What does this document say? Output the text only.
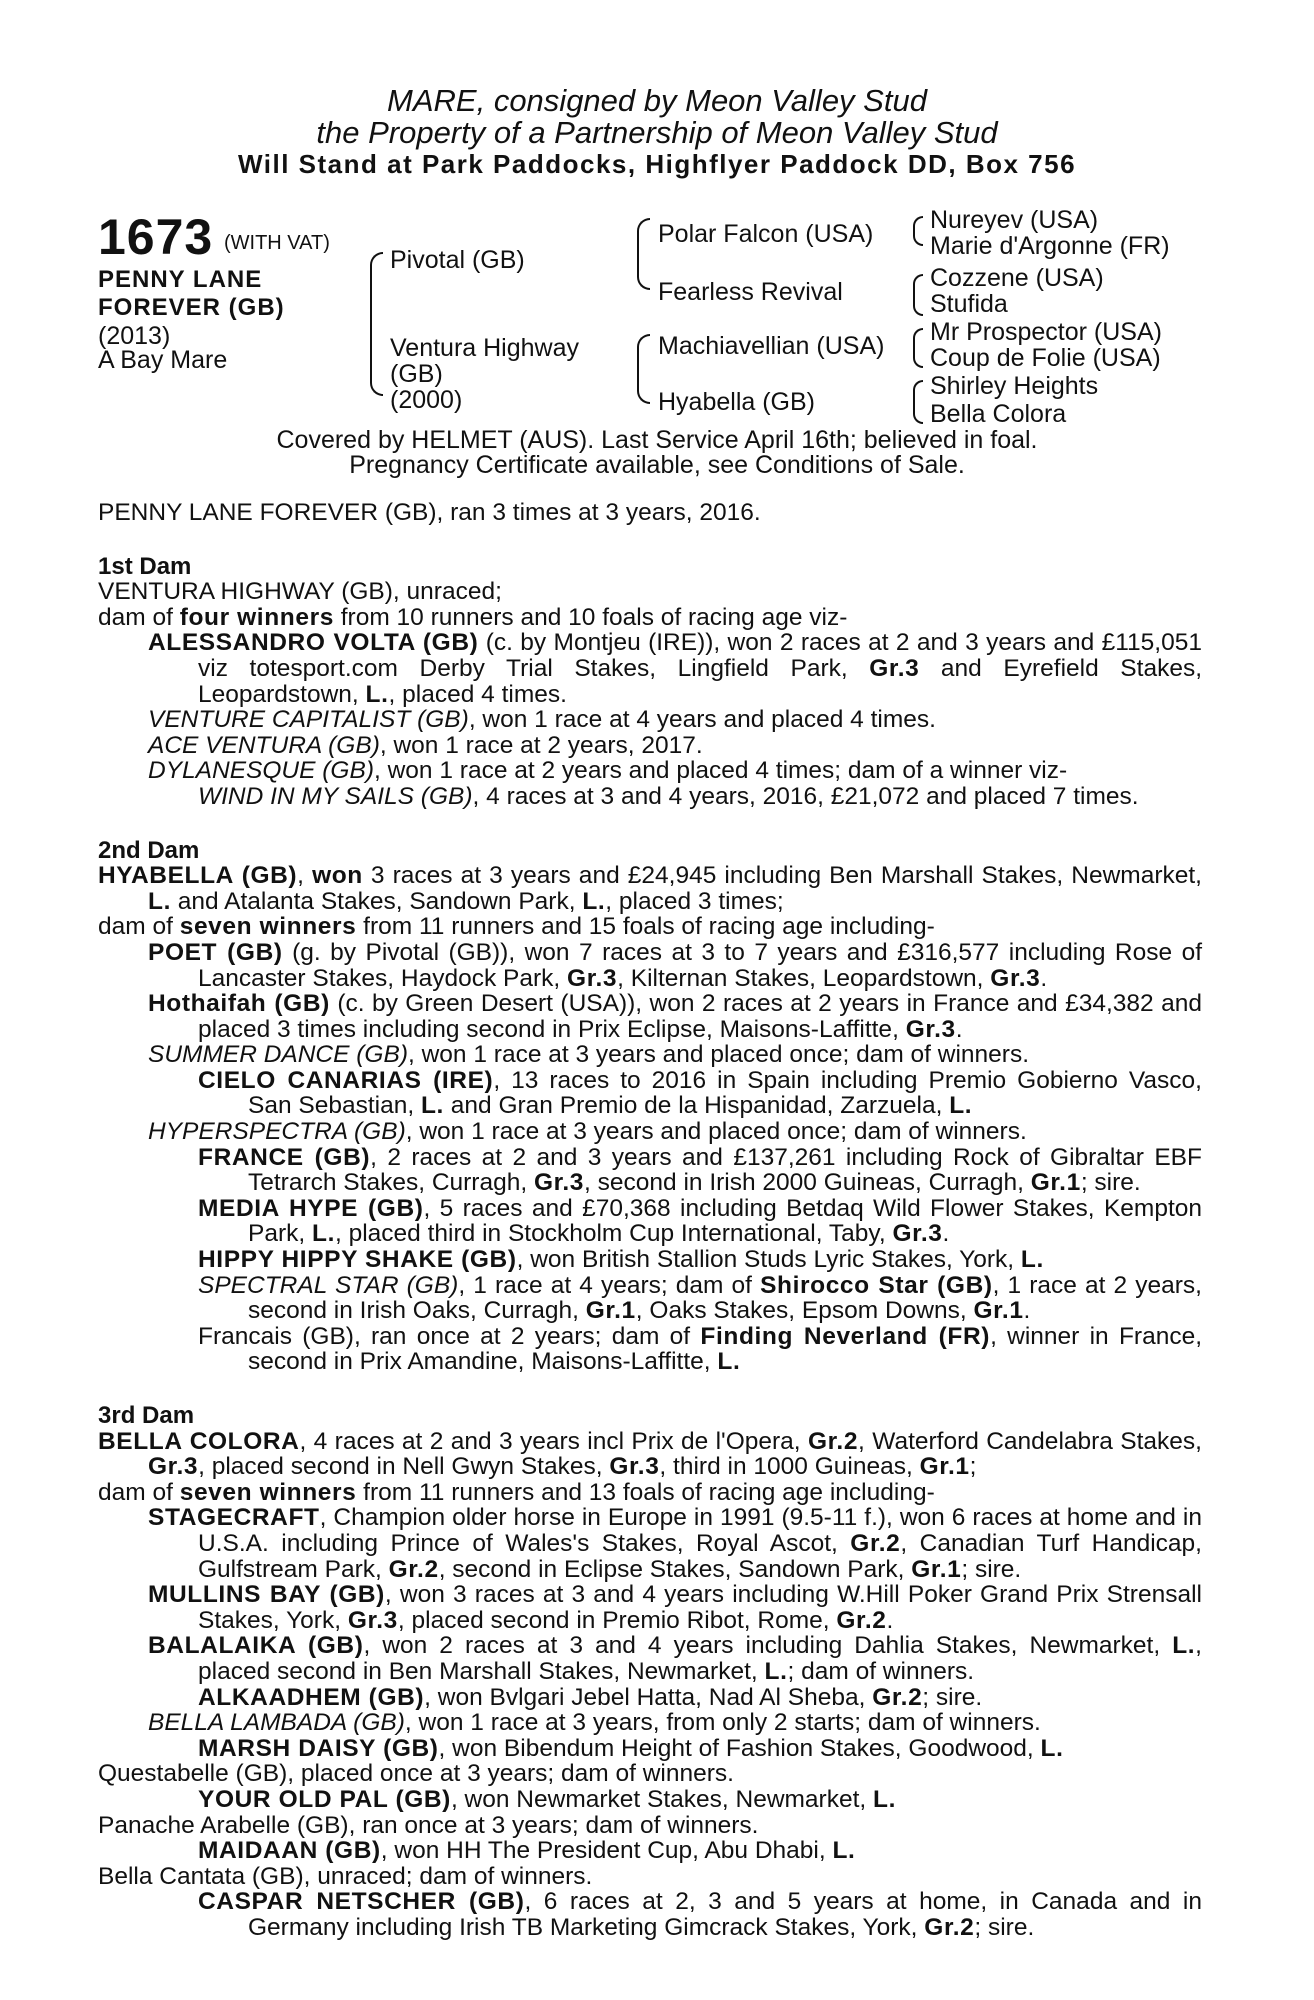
MARE, consigned by Meon Valley Stud
the Property of a Partnership of Meon Valley Stud
Will Stand at Park Paddocks, Highflyer Paddock DD, Box 756
1673 (WITH VAT)
PENNY LANE
FOREVER (GB)
(2013)
A Bay Mare
Pivotal (GB)
Ventura Highway
(GB)
(2000)
Polar Falcon (USA)
Fearless Revival
Machiavellian (USA)
Hyabella (GB)
Nureyev (USA)
Marie d'Argonne (FR)
Cozzene (USA)
Stufida
Mr Prospector (USA)
Coup de Folie (USA)
Shirley Heights
Bella Colora
Covered by HELMET (AUS). Last Service April 16th; believed in foal.
Pregnancy Certificate available, see Conditions of Sale.

PENNY LANE FOREVER (GB), ran 3 times at 3 years, 2016.

1st Dam

VENTURA HIGHWAY (GB), unraced;

dam of four winners from 10 runners and 10 foals of racing age viz-

ALESSANDRO VOLTA (GB) (c. by Montjeu (IRE)), won 2 races at 2 and 3 years and £115,051 viz totesport.com Derby Trial Stakes, Lingfield Park, Gr.3 and Eyrefield Stakes, Leopardstown, L., placed 4 times.

VENTURE CAPITALIST (GB), won 1 race at 4 years and placed 4 times.

ACE VENTURA (GB), won 1 race at 2 years, 2017.

DYLANESQUE (GB), won 1 race at 2 years and placed 4 times; dam of a winner viz-

WIND IN MY SAILS (GB), 4 races at 3 and 4 years, 2016, £21,072 and placed 7 times.

2nd Dam

HYABELLA (GB), won 3 races at 3 years and £24,945 including Ben Marshall Stakes, Newmarket, L. and Atalanta Stakes, Sandown Park, L., placed 3 times;

dam of seven winners from 11 runners and 15 foals of racing age including-

POET (GB) (g. by Pivotal (GB)), won 7 races at 3 to 7 years and £316,577 including Rose of Lancaster Stakes, Haydock Park, Gr.3, Kilternan Stakes, Leopardstown, Gr.3.

Hothaifah (GB) (c. by Green Desert (USA)), won 2 races at 2 years in France and £34,382 and placed 3 times including second in Prix Eclipse, Maisons-Laffitte, Gr.3.

SUMMER DANCE (GB), won 1 race at 3 years and placed once; dam of winners.

CIELO CANARIAS (IRE), 13 races to 2016 in Spain including Premio Gobierno Vasco, San Sebastian, L. and Gran Premio de la Hispanidad, Zarzuela, L.

HYPERSPECTRA (GB), won 1 race at 3 years and placed once; dam of winners.

FRANCE (GB), 2 races at 2 and 3 years and £137,261 including Rock of Gibraltar EBF Tetrarch Stakes, Curragh, Gr.3, second in Irish 2000 Guineas, Curragh, Gr.1; sire.

MEDIA HYPE (GB), 5 races and £70,368 including Betdaq Wild Flower Stakes, Kempton Park, L., placed third in Stockholm Cup International, Taby, Gr.3.

HIPPY HIPPY SHAKE (GB), won British Stallion Studs Lyric Stakes, York, L.

SPECTRAL STAR (GB), 1 race at 4 years; dam of Shirocco Star (GB), 1 race at 2 years, second in Irish Oaks, Curragh, Gr.1, Oaks Stakes, Epsom Downs, Gr.1.

Francais (GB), ran once at 2 years; dam of Finding Neverland (FR), winner in France, second in Prix Amandine, Maisons-Laffitte, L.

3rd Dam

BELLA COLORA, 4 races at 2 and 3 years incl Prix de l'Opera, Gr.2, Waterford Candelabra Stakes, Gr.3, placed second in Nell Gwyn Stakes, Gr.3, third in 1000 Guineas, Gr.1;

dam of seven winners from 11 runners and 13 foals of racing age including-

STAGECRAFT, Champion older horse in Europe in 1991 (9.5-11 f.), won 6 races at home and in U.S.A. including Prince of Wales's Stakes, Royal Ascot, Gr.2, Canadian Turf Handicap, Gulfstream Park, Gr.2, second in Eclipse Stakes, Sandown Park, Gr.1; sire.

MULLINS BAY (GB), won 3 races at 3 and 4 years including W.Hill Poker Grand Prix Strensall Stakes, York, Gr.3, placed second in Premio Ribot, Rome, Gr.2.

BALALAIKA (GB), won 2 races at 3 and 4 years including Dahlia Stakes, Newmarket, L., placed second in Ben Marshall Stakes, Newmarket, L.; dam of winners.

ALKAADHEM (GB), won Bvlgari Jebel Hatta, Nad Al Sheba, Gr.2; sire.

BELLA LAMBADA (GB), won 1 race at 3 years, from only 2 starts; dam of winners.

MARSH DAISY (GB), won Bibendum Height of Fashion Stakes, Goodwood, L.

Questabelle (GB), placed once at 3 years; dam of winners.

YOUR OLD PAL (GB), won Newmarket Stakes, Newmarket, L.

Panache Arabelle (GB), ran once at 3 years; dam of winners.

MAIDAAN (GB), won HH The President Cup, Abu Dhabi, L.

Bella Cantata (GB), unraced; dam of winners.

CASPAR NETSCHER (GB), 6 races at 2, 3 and 5 years at home, in Canada and in Germany including Irish TB Marketing Gimcrack Stakes, York, Gr.2; sire.
